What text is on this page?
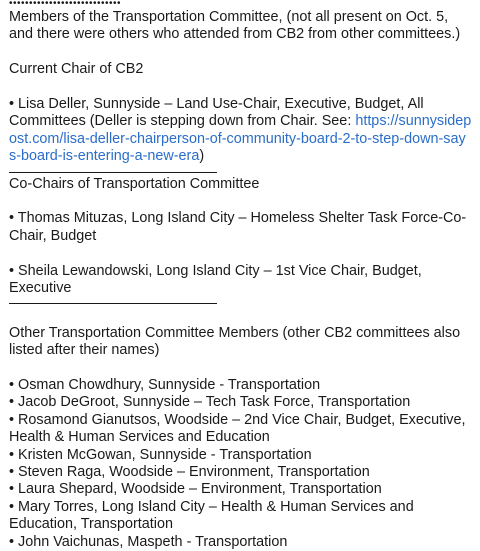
••••••••••••••••••••••••••••

Members of the Transportation Committee, (not all present on Oct. 5, and there were others who attended from CB2 from other committees.)

Current Chair of CB2

• Lisa Deller, Sunnyside – Land Use-Chair, Executive, Budget, All Committees (Deller is stepping down from Chair. See: https://sunnysidepost.com/lisa-deller-chairperson-of-community-board-2-to-step-down-says-board-is-entering-a-new-era)

Co-Chairs of Transportation Committee

• Thomas Mituzas, Long Island City – Homeless Shelter Task Force-Co-Chair, Budget

• Sheila Lewandowski, Long Island City – 1st Vice Chair, Budget, Executive

Other Transportation Committee Members (other CB2 committees also listed after their names)

• Osman Chowdhury, Sunnyside - Transportation
• Jacob DeGroot, Sunnyside – Tech Task Force, Transportation
• Rosamond Gianutsos, Woodside – 2nd Vice Chair, Budget, Executive, Health & Human Services and Education
• Kristen McGowan, Sunnyside - Transportation
• Steven Raga, Woodside – Environment, Transportation
• Laura Shepard, Woodside – Environment, Transportation
• Mary Torres, Long Island City – Health & Human Services and Education, Transportation
• John Vaichunas, Maspeth - Transportation
